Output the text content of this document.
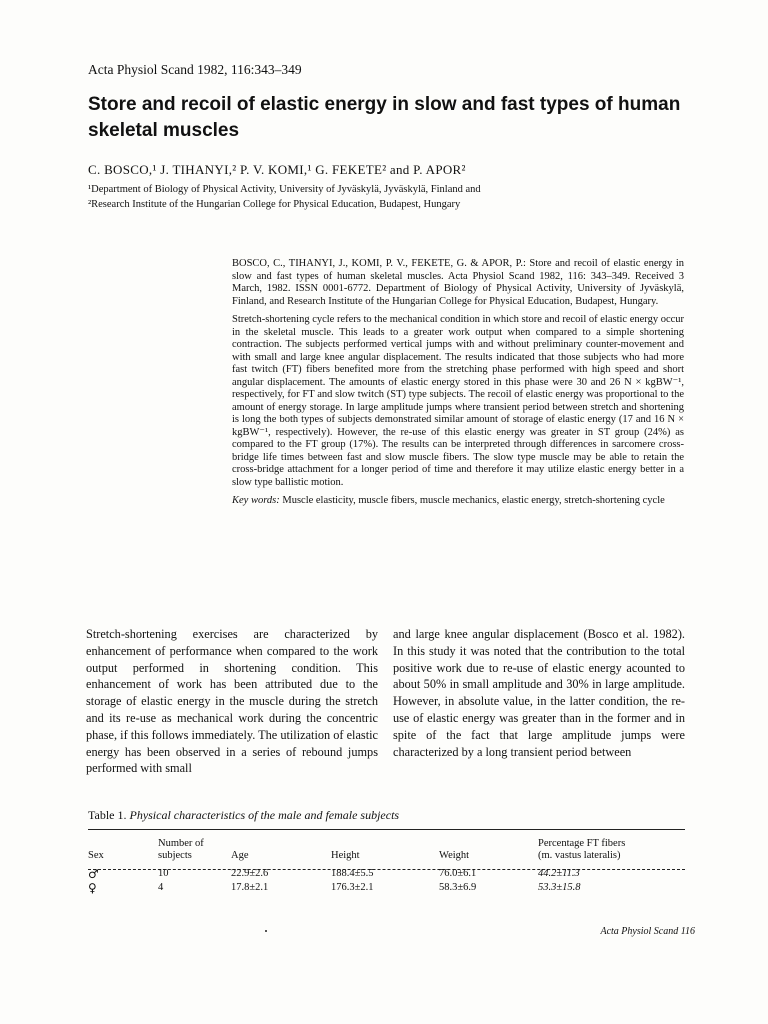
Acta Physiol Scand 1982, 116:343–349
Store and recoil of elastic energy in slow and fast types of human skeletal muscles
C. BOSCO,¹ J. TIHANYI,² P. V. KOMI,¹ G. FEKETE² and P. APOR²
¹Department of Biology of Physical Activity, University of Jyväskylä, Jyväskylä, Finland and
²Research Institute of the Hungarian College for Physical Education, Budapest, Hungary

BOSCO, C., TIHANYI, J., KOMI, P. V., FEKETE, G. & APOR, P.: Store and recoil of elastic energy in slow and fast types of human skeletal muscles. Acta Physiol Scand 1982, 116: 343–349. Received 3 March, 1982. ISSN 0001-6772. Department of Biology of Physical Activity, University of Jyväskylä, Finland, and Research Institute of the Hungarian College for Physical Education, Budapest, Hungary.

Stretch-shortening cycle refers to the mechanical condition in which store and recoil of elastic energy occur in the skeletal muscle. This leads to a greater work output when compared to a simple shortening contraction. The subjects performed vertical jumps with and without preliminary counter-movement and with small and large knee angular displacement. The results indicated that those subjects who had more fast twitch (FT) fibers benefited more from the stretching phase performed with high speed and short angular displacement. The amounts of elastic energy stored in this phase were 30 and 26 N × kgBW⁻¹, respectively, for FT and slow twitch (ST) type subjects. The recoil of elastic energy was proportional to the amount of energy storage. In large amplitude jumps where transient period between stretch and shortening is long the both types of subjects demonstrated similar amount of storage of elastic energy (17 and 16 N × kgBW⁻¹, respectively). However, the re-use of this elastic energy was greater in ST group (24%) as compared to the FT group (17%). The results can be interpreted through differences in sarcomere cross-bridge life times between fast and slow muscle fibers. The slow type muscle may be able to retain the cross-bridge attachment for a longer period of time and therefore it may utilize elastic energy better in a slow type ballistic motion.

Key words: Muscle elasticity, muscle fibers, muscle mechanics, elastic energy, stretch-shortening cycle

Stretch-shortening exercises are characterized by enhancement of performance when compared to the work output performed in shortening condition. This enhancement of work has been attributed due to the storage of elastic energy in the muscle during the stretch and its re-use as mechanical work during the concentric phase, if this follows immediately. The utilization of elastic energy has been observed in a series of rebound jumps performed with small

and large knee angular displacement (Bosco et al. 1982). In this study it was noted that the contribution to the total positive work due to re-use of elastic energy acounted to about 50% in small amplitude and 30% in large amplitude. However, in absolute value, in the latter condition, the re-use of elastic energy was greater than in the former and in spite of the fact that large amplitude jumps were characterized by a long transient period between

Table 1. Physical characteristics of the male and female subjects
Sex	Number of
subjects	Age	Height	Weight	Percentage FT fibers
(m. vastus lateralis)
♂	10	22.9±2.6	188.4±5.5	76.0±6.1	44.2±11.3
♀	4	17.8±2.1	176.3±2.1	58.3±6.9	53.3±15.8
Acta Physiol Scand 116
